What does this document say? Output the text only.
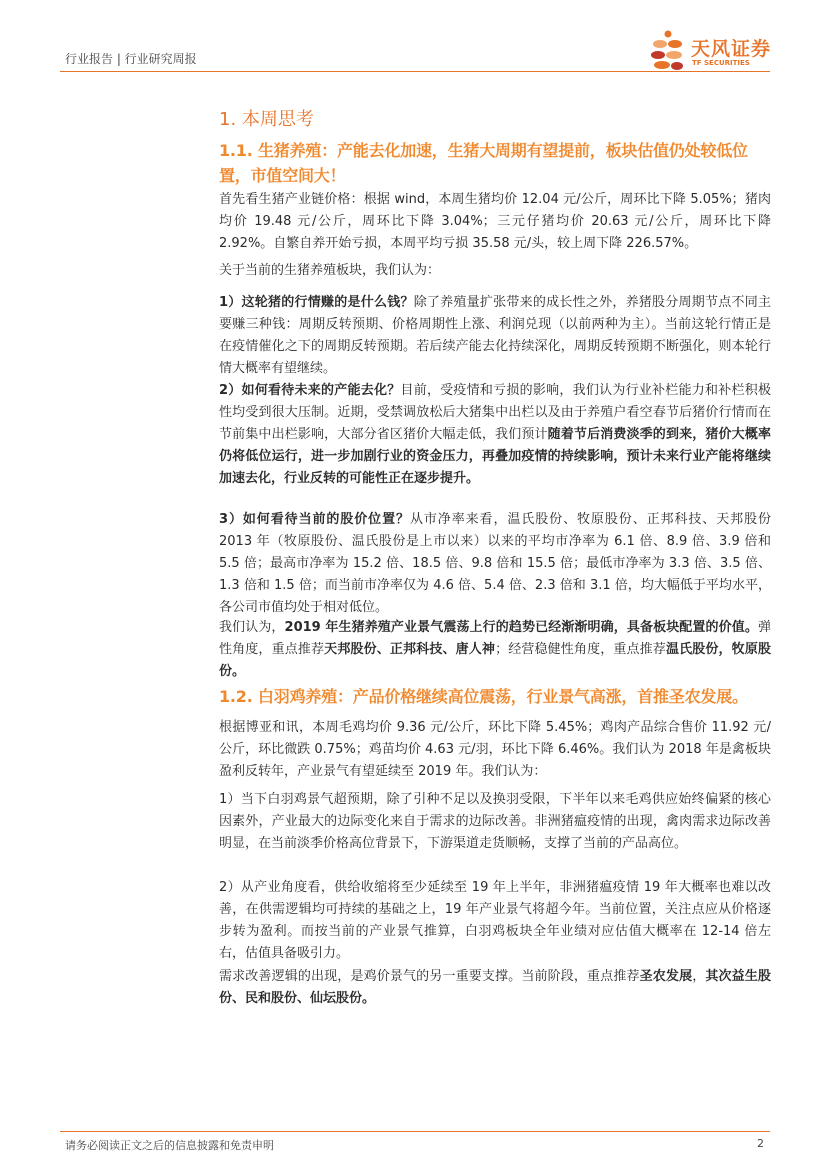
行业报告 | 行业研究周报	天风证券
TF SECURITIES
1. 本周思考
1.1. 生猪养殖：产能去化加速，生猪大周期有望提前，板块估值仍处较低位置，市值空间大！
首先看生猪产业链价格：根据 wind，本周生猪均价 12.04 元/公斤，周环比下降 5.05%；猪肉均价 19.48 元/公斤，周环比下降 3.04%；三元仔猪均价 20.63 元/公斤，周环比下降 2.92%。自繁自养开始亏损，本周平均亏损 35.58 元/头，较上周下降 226.57%。
关于当前的生猪养殖板块，我们认为：
1）这轮猪的行情赚的是什么钱？除了养殖量扩张带来的成长性之外，养猪股分周期节点不同主要赚三种钱：周期反转预期、价格周期性上涨、利润兑现（以前两种为主）。当前这轮行情正是在疫情催化之下的周期反转预期。若后续产能去化持续深化，周期反转预期不断强化，则本轮行情大概率有望继续。
2）如何看待未来的产能去化？目前，受疫情和亏损的影响，我们认为行业补栏能力和补栏积极性均受到很大压制。近期，受禁调放松后大猪集中出栏以及由于养殖户看空春节后猪价行情而在节前集中出栏影响，大部分省区猪价大幅走低，我们预计随着节后消费淡季的到来，猪价大概率仍将低位运行，进一步加剧行业的资金压力，再叠加疫情的持续影响，预计未来行业产能将继续加速去化，行业反转的可能性正在逐步提升。
3）如何看待当前的股价位置？从市净率来看，温氏股份、牧原股份、正邦科技、天邦股份 2013 年（牧原股份、温氏股份是上市以来）以来的平均市净率为 6.1 倍、8.9 倍、3.9 倍和 5.5 倍；最高市净率为 15.2 倍、18.5 倍、9.8 倍和 15.5 倍；最低市净率为 3.3 倍、3.5 倍、1.3 倍和 1.5 倍；而当前市净率仅为 4.6 倍、5.4 倍、2.3 倍和 3.1 倍，均大幅低于平均水平，各公司市值均处于相对低位。
我们认为，2019 年生猪养殖产业景气震荡上行的趋势已经渐渐明确，具备板块配置的价值。弹性角度，重点推荐天邦股份、正邦科技、唐人神；经营稳健性角度，重点推荐温氏股份，牧原股份。
1.2. 白羽鸡养殖：产品价格继续高位震荡，行业景气高涨，首推圣农发展。
根据博亚和讯，本周毛鸡均价 9.36 元/公斤，环比下降 5.45%；鸡肉产品综合售价 11.92 元/公斤，环比微跌 0.75%；鸡苗均价 4.63 元/羽，环比下降 6.46%。我们认为 2018 年是禽板块盈利反转年，产业景气有望延续至 2019 年。我们认为：
1）当下白羽鸡景气超预期，除了引种不足以及换羽受限，下半年以来毛鸡供应始终偏紧的核心因素外，产业最大的边际变化来自于需求的边际改善。非洲猪瘟疫情的出现，禽肉需求边际改善明显，在当前淡季价格高位背景下，下游渠道走货顺畅，支撑了当前的产品高位。
2）从产业角度看，供给收缩将至少延续至 19 年上半年，非洲猪瘟疫情 19 年大概率也难以改善，在供需逻辑均可持续的基础之上，19 年产业景气将超今年。当前位置，关注点应从价格逐步转为盈利。而按当前的产业景气推算，白羽鸡板块全年业绩对应估值大概率在 12-14 倍左右，估值具备吸引力。
需求改善逻辑的出现，是鸡价景气的另一重要支撑。当前阶段，重点推荐圣农发展，其次益生股份、民和股份、仙坛股份。
请务必阅读正文之后的信息披露和免责申明	2
